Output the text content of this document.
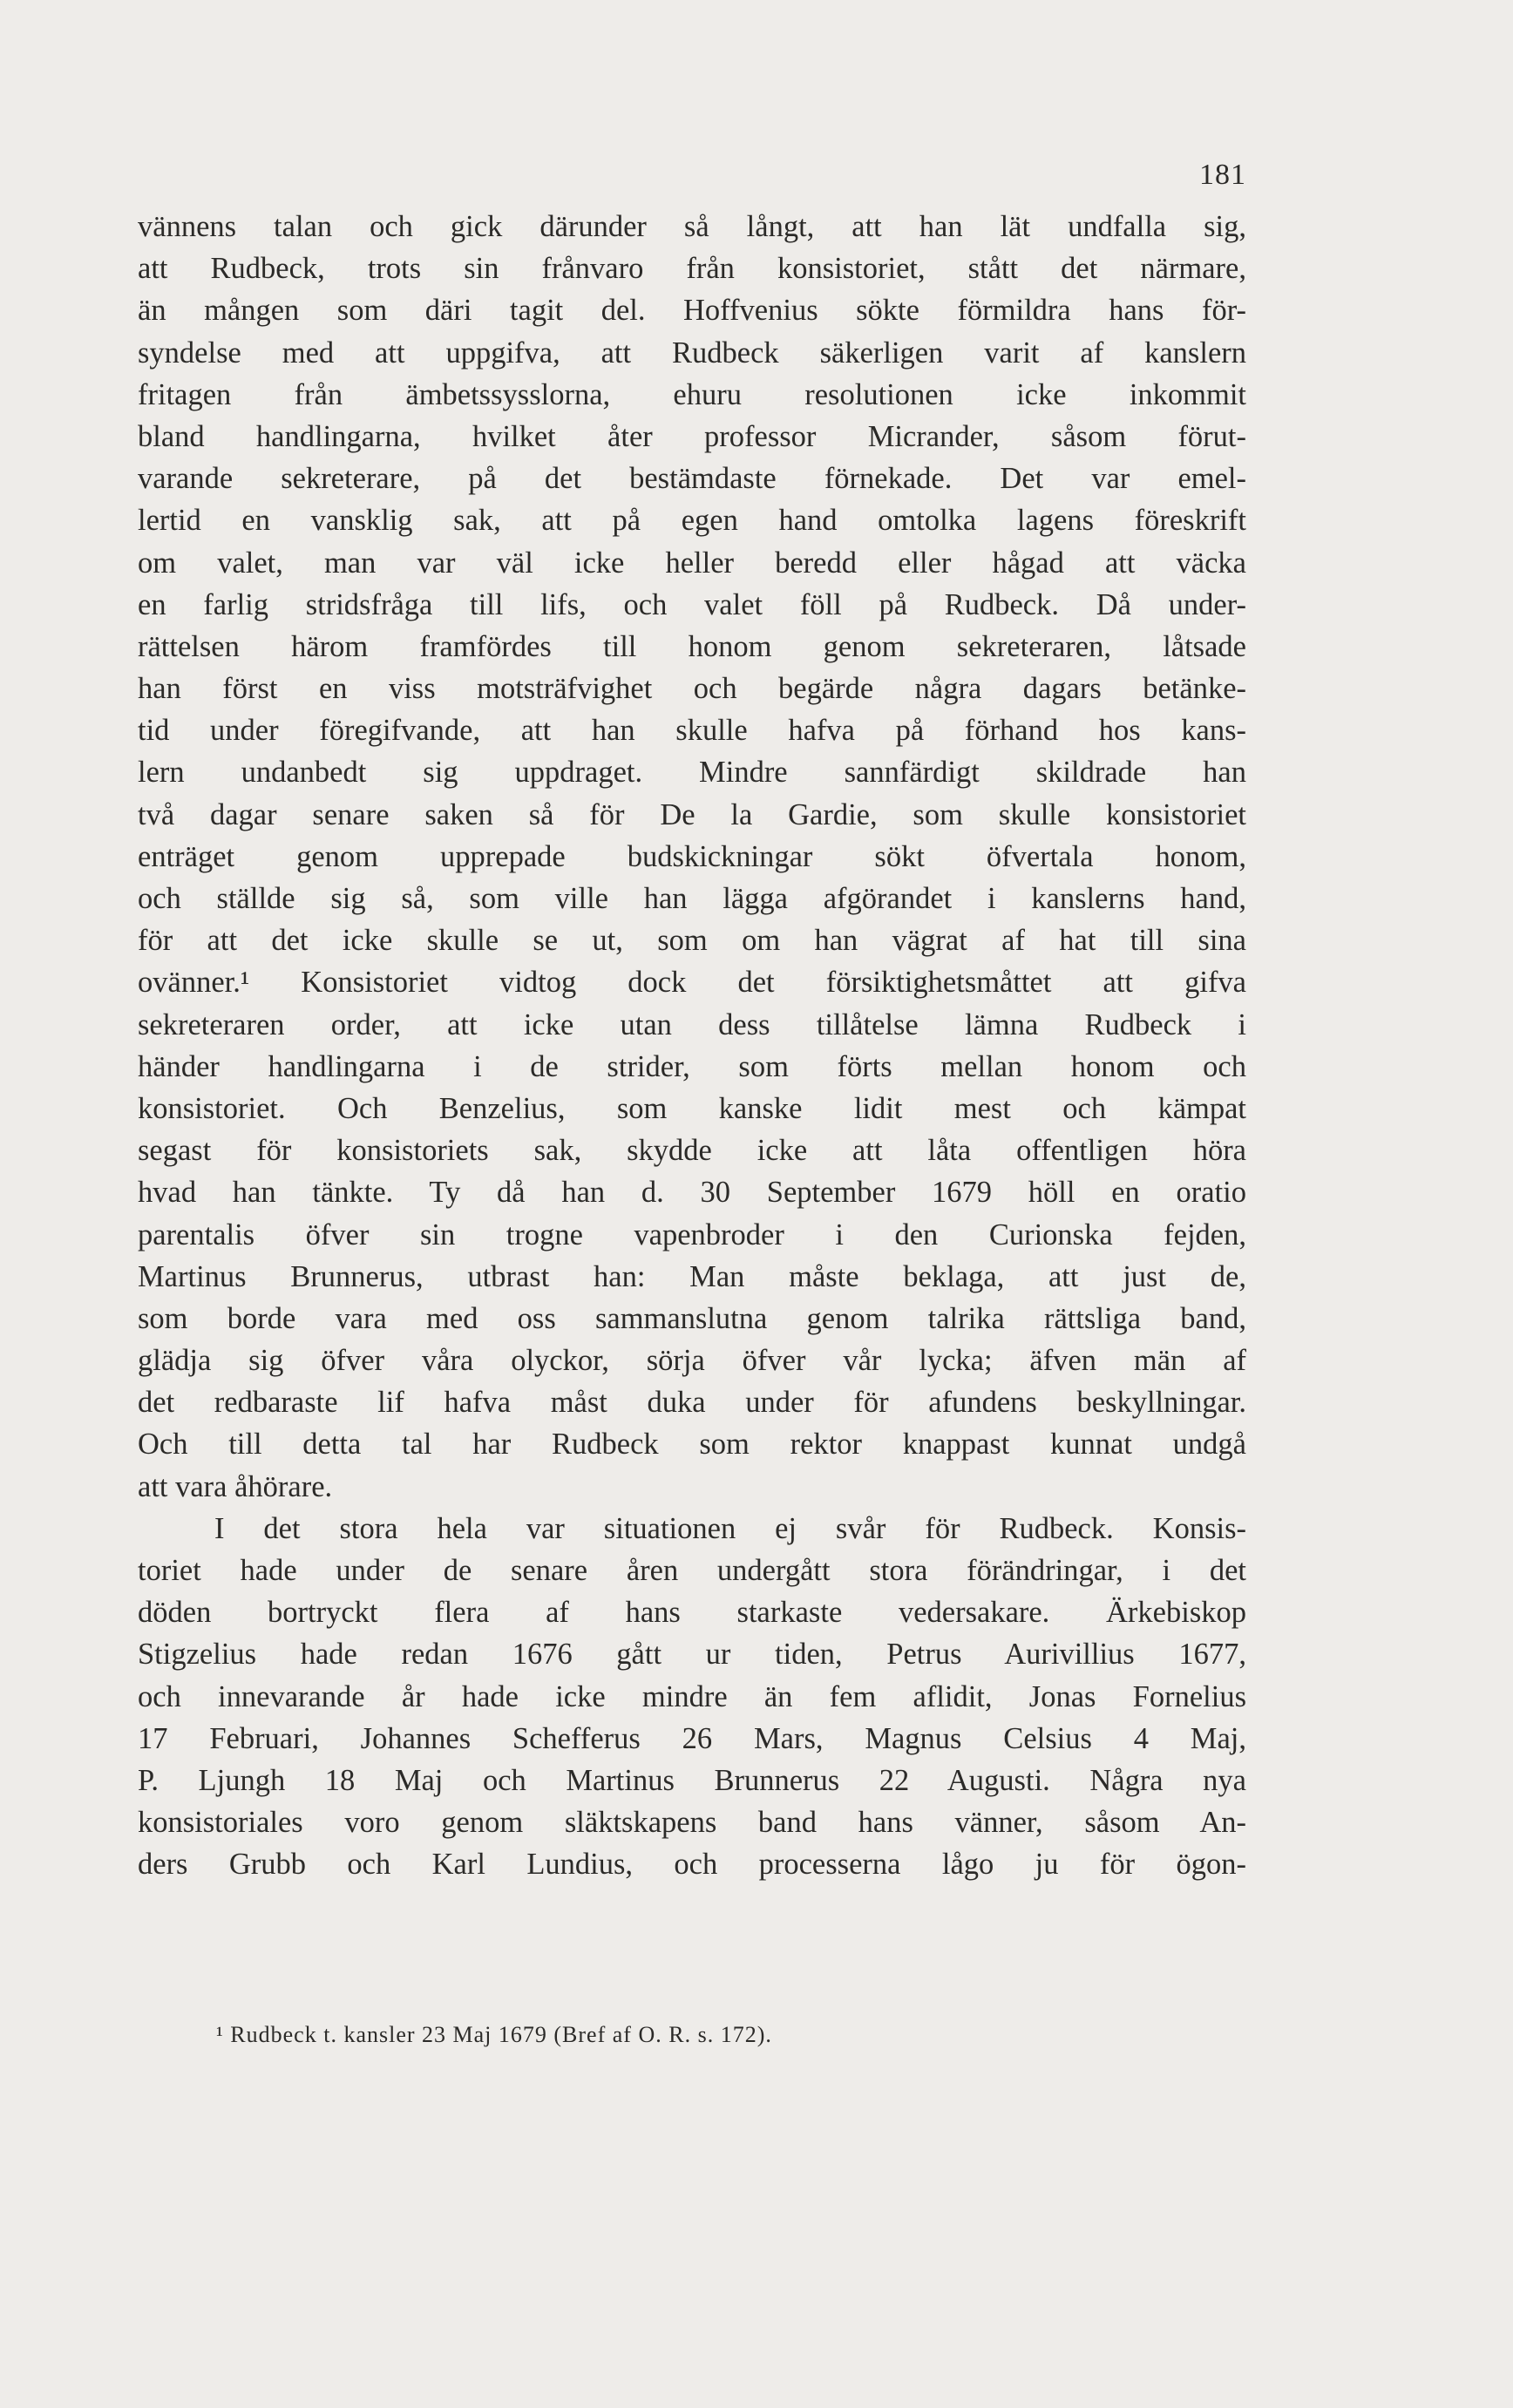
181
vännens talan och gick därunder så långt, att han lät undfalla sig,
att Rudbeck, trots sin frånvaro från konsistoriet, stått det närmare,
än mången som däri tagit del. Hoffvenius sökte förmildra hans för-
syndelse med att uppgifva, att Rudbeck säkerligen varit af kanslern
fritagen från ämbetssysslorna, ehuru resolutionen icke inkommit
bland handlingarna, hvilket åter professor Micrander, såsom förut-
varande sekreterare, på det bestämdaste förnekade. Det var emel-
lertid en vansklig sak, att på egen hand omtolka lagens föreskrift
om valet, man var väl icke heller beredd eller hågad att väcka
en farlig stridsfråga till lifs, och valet föll på Rudbeck. Då under-
rättelsen härom framfördes till honom genom sekreteraren, låtsade
han först en viss motsträfvighet och begärde några dagars betänke-
tid under föregifvande, att han skulle hafva på förhand hos kans-
lern undanbedt sig uppdraget. Mindre sannfärdigt skildrade han
två dagar senare saken så för De la Gardie, som skulle konsistoriet
enträget genom upprepade budskickningar sökt öfvertala honom,
och ställde sig så, som ville han lägga afgörandet i kanslerns hand,
för att det icke skulle se ut, som om han vägrat af hat till sina
ovänner.¹ Konsistoriet vidtog dock det försiktighetsmåttet att gifva
sekreteraren order, att icke utan dess tillåtelse lämna Rudbeck i
händer handlingarna i de strider, som förts mellan honom och
konsistoriet. Och Benzelius, som kanske lidit mest och kämpat
segast för konsistoriets sak, skydde icke att låta offentligen höra
hvad han tänkte. Ty då han d. 30 September 1679 höll en oratio
parentalis öfver sin trogne vapenbroder i den Curionska fejden,
Martinus Brunnerus, utbrast han: Man måste beklaga, att just de,
som borde vara med oss sammanslutna genom talrika rättsliga band,
glädja sig öfver våra olyckor, sörja öfver vår lycka; äfven män af
det redbaraste lif hafva måst duka under för afundens beskyllningar.
Och till detta tal har Rudbeck som rektor knappast kunnat undgå
att vara åhörare.
I det stora hela var situationen ej svår för Rudbeck. Konsis-
toriet hade under de senare åren undergått stora förändringar, i det
döden bortryckt flera af hans starkaste vedersakare. Ärkebiskop
Stigzelius hade redan 1676 gått ur tiden, Petrus Aurivillius 1677,
och innevarande år hade icke mindre än fem aflidit, Jonas Fornelius
17 Februari, Johannes Schefferus 26 Mars, Magnus Celsius 4 Maj,
P. Ljungh 18 Maj och Martinus Brunnerus 22 Augusti. Några nya
konsistoriales voro genom släktskapens band hans vänner, såsom An-
ders Grubb och Karl Lundius, och processerna lågo ju för ögon-
¹ Rudbeck t. kansler 23 Maj 1679 (Bref af O. R. s. 172).
